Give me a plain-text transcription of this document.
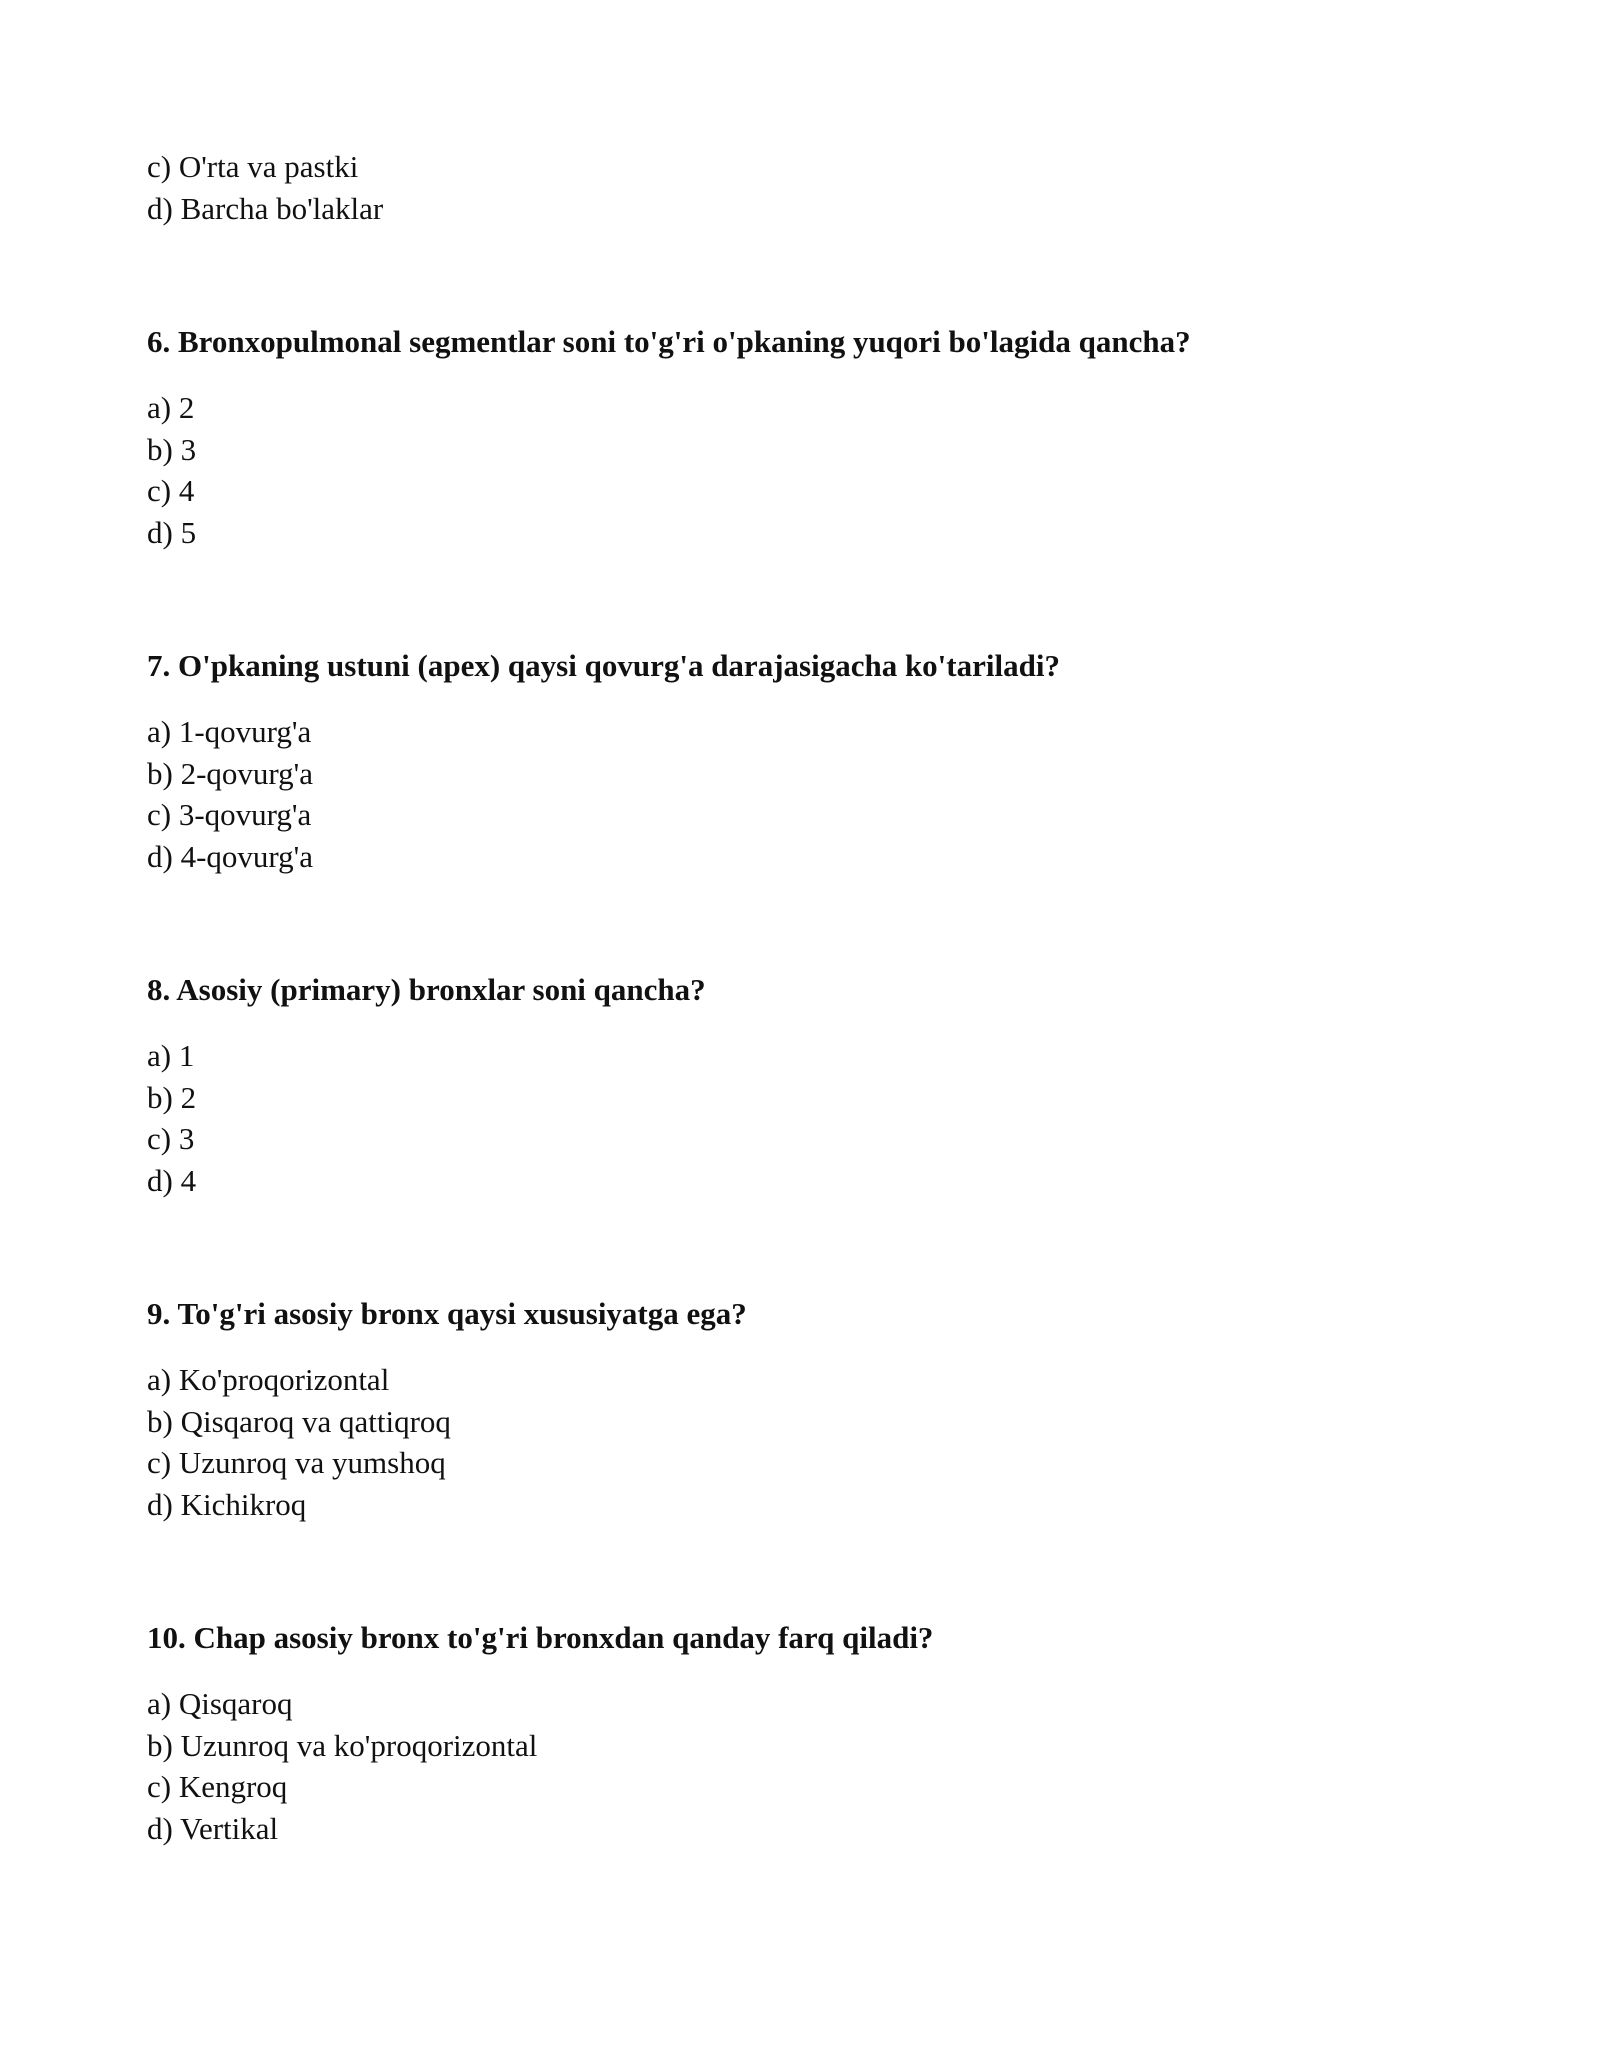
c) O'rta va pastki
d) Barcha bo'laklar
6. Bronxopulmonal segmentlar soni to'g'ri o'pkaning yuqori bo'lagida qancha?
a) 2
b) 3
c) 4
d) 5
7. O'pkaning ustuni (apex) qaysi qovurg'a darajasigacha ko'tariladi?
a) 1-qovurg'a
b) 2-qovurg'a
c) 3-qovurg'a
d) 4-qovurg'a
8. Asosiy (primary) bronxlar soni qancha?
a) 1
b) 2
c) 3
d) 4
9. To'g'ri asosiy bronx qaysi xususiyatga ega?
a) Ko'proqorizontal
b) Qisqaroq va qattiqroq
c) Uzunroq va yumshoq
d) Kichikroq
10. Chap asosiy bronx to'g'ri bronxdan qanday farq qiladi?
a) Qisqaroq
b) Uzunroq va ko'proqorizontal
c) Kengroq
d) Vertikal
